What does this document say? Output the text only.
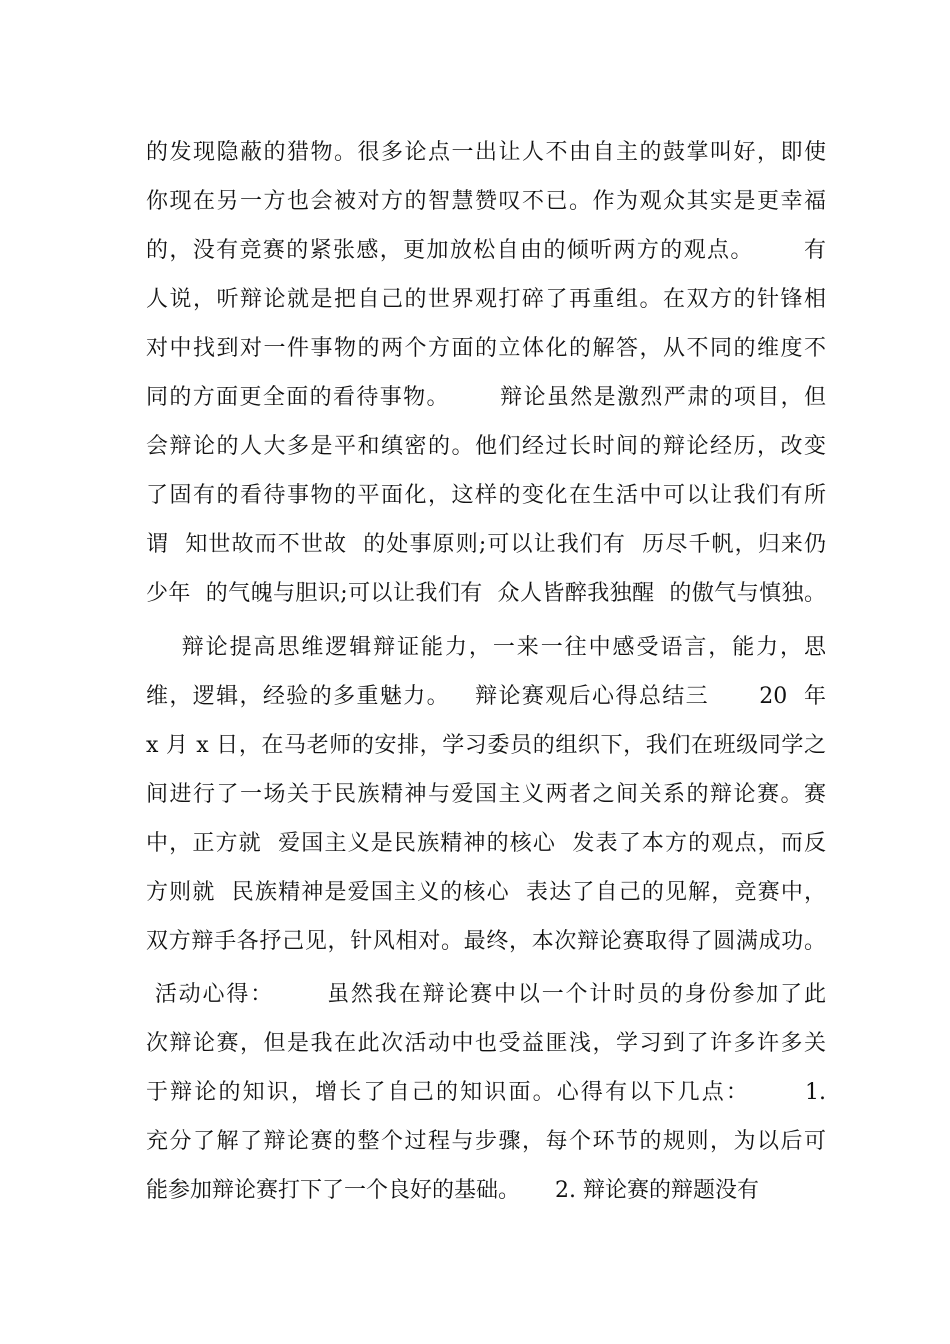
的发现隐蔽的猎物。很多论点一出让人不由自主的鼓掌叫好，即使
你现在另一方也会被对方的智慧赞叹不已。作为观众其实是更幸福
的，没有竞赛的紧张感，更加放松自由的倾听两方的观点。      有
人说，听辩论就是把自己的世界观打碎了再重组。在双方的针锋相
对中找到对一件事物的两个方面的立体化的解答，从不同的维度不
同的方面更全面的看待事物。      辩论虽然是激烈严肃的项目，但
会辩论的人大多是平和缜密的。他们经过长时间的辩论经历，改变
了固有的看待事物的平面化，这样的变化在生活中可以让我们有所
谓  知世故而不世故  的处事原则;可以让我们有  历尽千帆，归来仍
少年  的气魄与胆识;可以让我们有  众人皆醉我独醒  的傲气与慎独。
辩论提高思维逻辑辩证能力，一来一往中感受语言，能力，思
维，逻辑，经验的多重魅力。   辩论赛观后心得总结三      20  年
x 月 x 日，在马老师的安排，学习委员的组织下，我们在班级同学之
间进行了一场关于民族精神与爱国主义两者之间关系的辩论赛。赛
中，正方就  爱国主义是民族精神的核心  发表了本方的观点，而反
方则就  民族精神是爱国主义的核心  表达了自己的见解，竞赛中，
双方辩手各抒己见，针风相对。最终，本次辩论赛取得了圆满成功。
活动心得：      虽然我在辩论赛中以一个计时员的身份参加了此
次辩论赛，但是我在此次活动中也受益匪浅，学习到了许多许多关
于辩论的知识，增长了自己的知识面。心得有以下几点：      1.
充分了解了辩论赛的整个过程与步骤，每个环节的规则，为以后可
能参加辩论赛打下了一个良好的基础。     2. 辩论赛的辩题没有
